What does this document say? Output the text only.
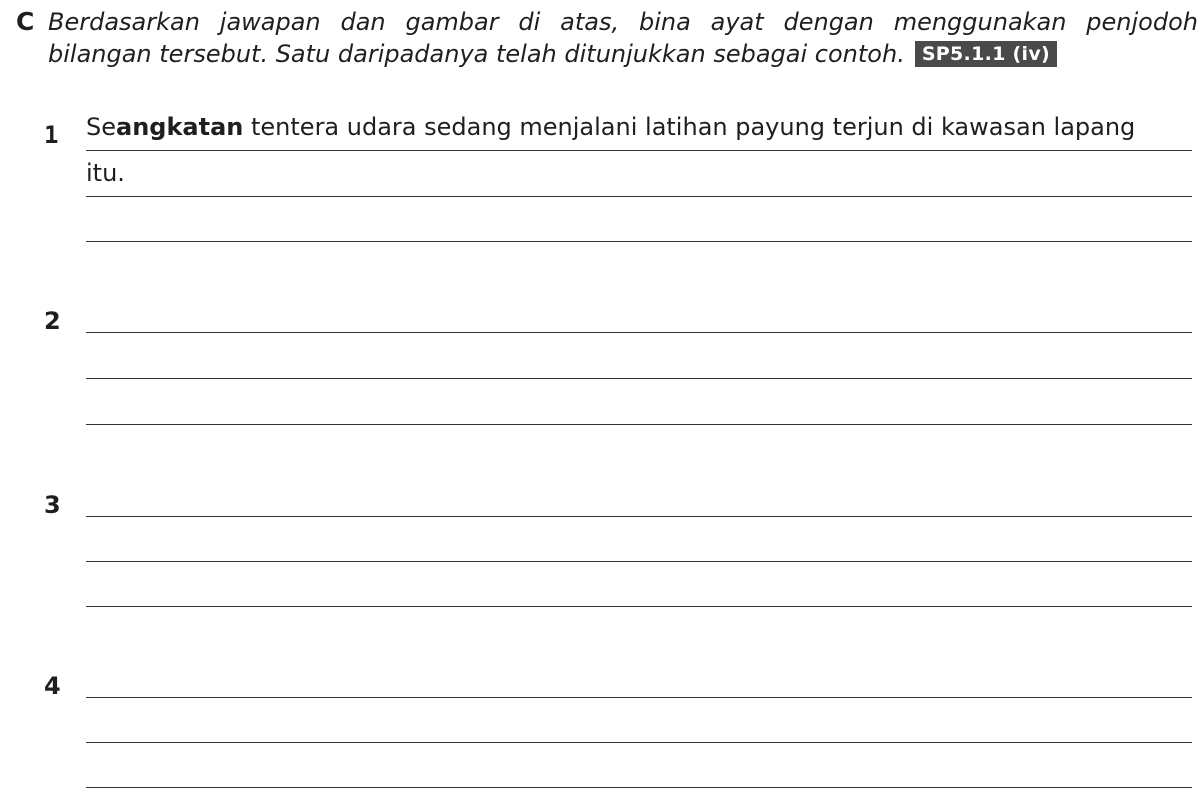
C Berdasarkan jawapan dan gambar di atas, bina ayat dengan menggunakan penjodoh
bilangan tersebut. Satu daripadanya telah ditunjukkan sebagai contoh. SP5.1.1 (iv)
1 Seangkatan tentera udara sedang menjalani latihan payung terjun di kawasan lapang
itu.
2
3
4
